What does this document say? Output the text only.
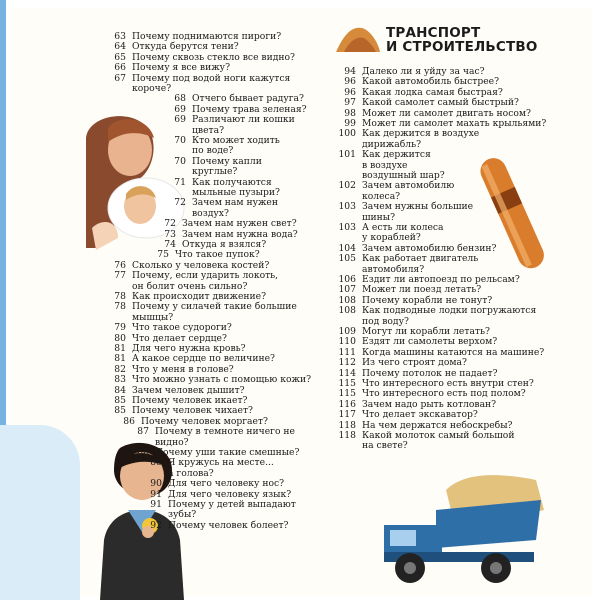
ТРАНСПОРТ
И СТРОИТЕЛЬСТВО
63 Почему поднимаются пироги?
64 Откуда берутся тени?
65 Почему сквозь стекло все видно?
66 Почему я все вижу?
67 Почему под водой ноги кажутся
короче?
68 Отчего бывает радуга?
69 Почему трава зеленая?
69 Различают ли кошки
цвета?
70 Кто может ходить
по воде?
70 Почему капли
круглые?
71 Как получаются
мыльные пузыри?
72 Зачем нам нужен
воздух?
72 Зачем нам нужен свет?
73 Зачем нам нужна вода?
74 Откуда я взялся?
75 Что такое пупок?
76 Сколько у человека костей?
77 Почему, если ударить локоть,
он болит очень сильно?
78 Как происходит движение?
78 Почему у силачей такие большие
мышцы?
79 Что такое судороги?
80 Что делает сердце?
81 Для чего нужна кровь?
81 А какое сердце по величине?
82 Что у меня в голове?
83 Что можно узнать с помощью кожи?
84 Зачем человек дышит?
85 Почему человек икает?
85 Почему человек чихает?
86 Почему человек моргает?
87 Почему в темноте ничего не
видно?
88 Почему уши такие смешные?
88 Я кружусь на месте...
а голова?
90 Для чего человеку нос?
91 Для чего человеку язык?
91 Почему у детей выпадают
зубы?
92 Почему человек болеет?
94 Далеко ли я уйду за час?
96 Какой автомобиль быстрее?
96 Какая лодка самая быстрая?
97 Какой самолет самый быстрый?
98 Может ли самолет двигать носом?
99 Может ли самолет махать крыльями?
100 Как держится в воздухе
дирижабль?
101 Как держится
в воздухе
воздушный шар?
102 Зачем автомобилю
колеса?
103 Зачем нужны большие
шины?
103 А есть ли колеса
у кораблей?
104 Зачем автомобилю бензин?
105 Как работает двигатель
автомобиля?
106 Ездит ли автопоезд по рельсам?
107 Может ли поезд летать?
108 Почему корабли не тонут?
108 Как подводные лодки погружаются
под воду?
109 Могут ли корабли летать?
110 Ездят ли самолеты верхом?
111 Когда машины катаются на машине?
112 Из чего строят дома?
114 Почему потолок не падает?
115 Что интересного есть внутри стен?
115 Что интересного есть под полом?
116 Зачем надо рыть котлован?
117 Что делает экскаватор?
118 На чем держатся небоскребы?
118 Какой молоток самый большой
на свете?
